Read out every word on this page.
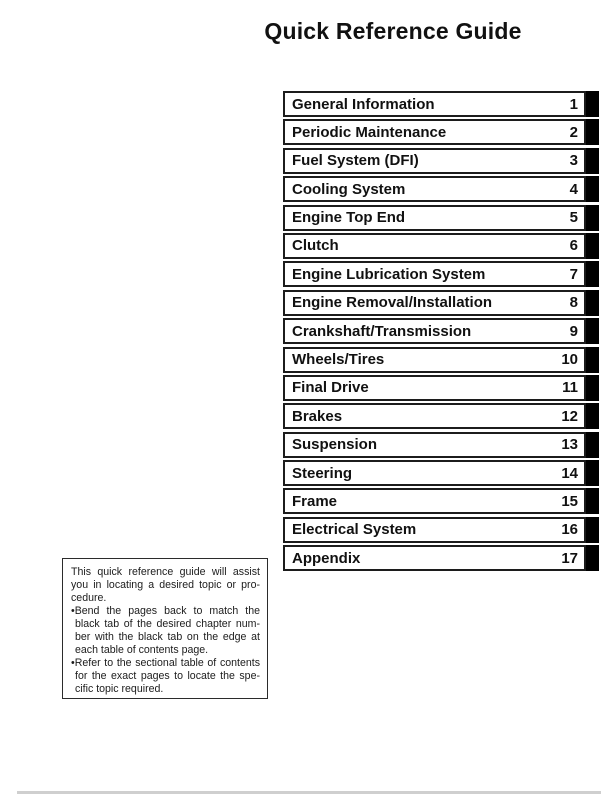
Quick Reference Guide
General Information	1
Periodic Maintenance	2
Fuel System (DFI)	3
Cooling System	4
Engine Top End	5
Clutch	6
Engine Lubrication System	7
Engine Removal/Installation	8
Crankshaft/Transmission	9
Wheels/Tires	10
Final Drive	11
Brakes	12
Suspension	13
Steering	14
Frame	15
Electrical System	16
Appendix	17
This quick reference guide will assist
you in locating a desired topic or pro-
cedure.
•Bend the pages back to match the
black tab of the desired chapter num-
ber with the black tab on the edge at
each table of contents page.
•Refer to the sectional table of contents
for the exact pages to locate the spe-
cific topic required.
